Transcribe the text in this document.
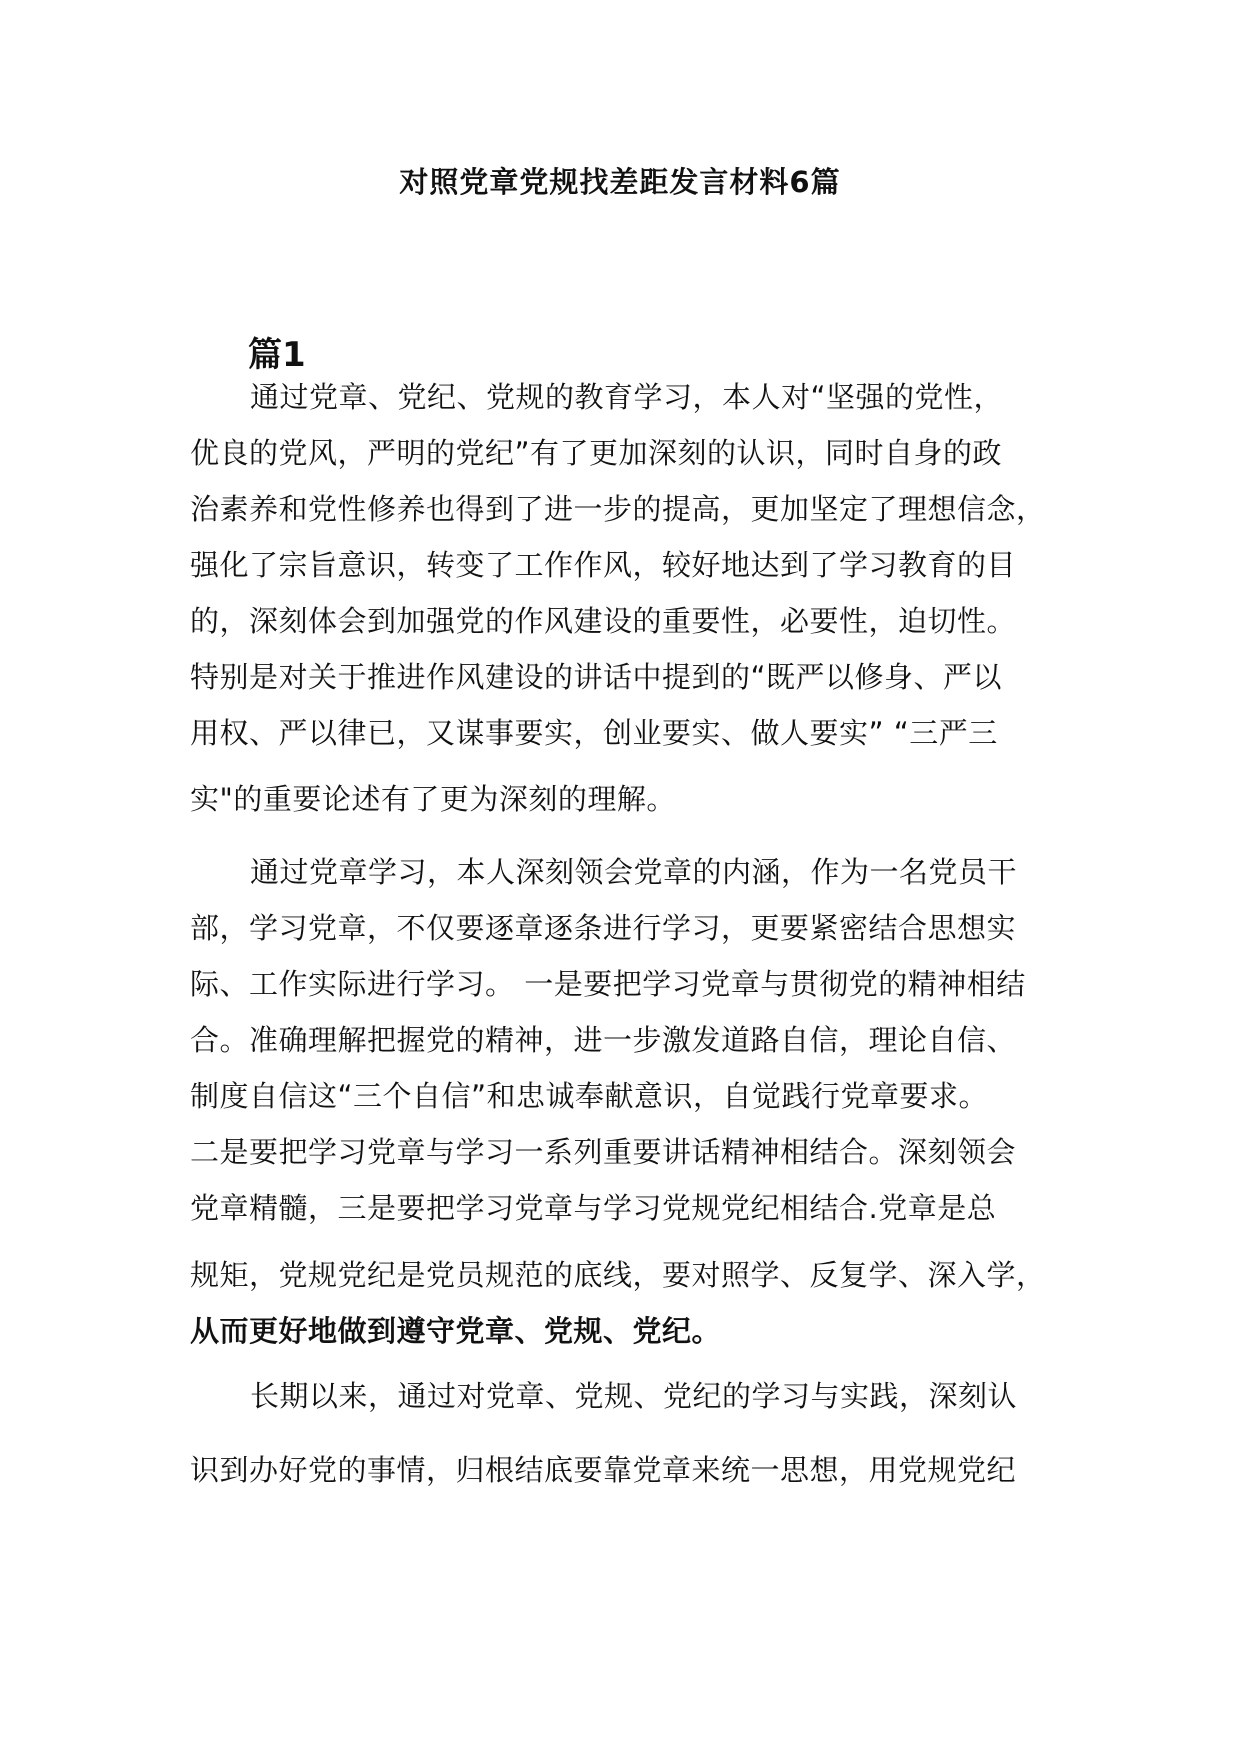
对照党章党规找差距发言材料6篇
篇1
通过党章、党纪、党规的教育学习，本人对“坚强的党性，
优良的党风，严明的党纪”有了更加深刻的认识，同时自身的政
治素养和党性修养也得到了进一步的提高，更加坚定了理想信念，
强化了宗旨意识，转变了工作作风，较好地达到了学习教育的目
的，深刻体会到加强党的作风建设的重要性，必要性，迫切性。
特别是对关于推进作风建设的讲话中提到的“既严以修身、严以
用权、严以律已，又谋事要实，创业要实、做人要实” “三严三
实"的重要论述有了更为深刻的理解。
通过党章学习，本人深刻领会党章的内涵，作为一名党员干
部，学习党章，不仅要逐章逐条进行学习，更要紧密结合思想实
际、工作实际进行学习。 一是要把学习党章与贯彻党的精神相结
合。准确理解把握党的精神，进一步激发道路自信，理论自信、
制度自信这“三个自信”和忠诚奉献意识，自觉践行党章要求。
二是要把学习党章与学习一系列重要讲话精神相结合。深刻领会
党章精髓，三是要把学习党章与学习党规党纪相结合.党章是总
规矩，党规党纪是党员规范的底线，要对照学、反复学、深入学，
从而更好地做到遵守党章、党规、党纪。
长期以来，通过对党章、党规、党纪的学习与实践，深刻认
识到办好党的事情，归根结底要靠党章来统一思想，用党规党纪
